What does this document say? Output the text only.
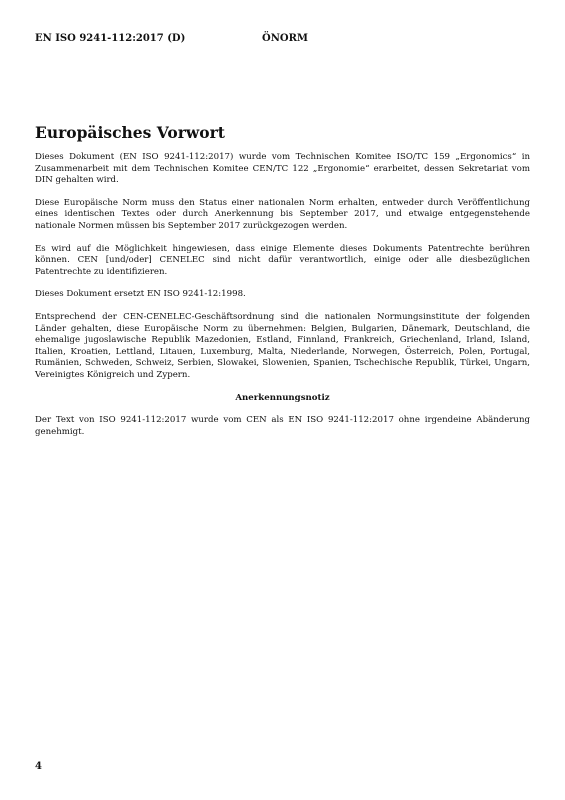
EN ISO 9241-112:2017 (D)	ÖNORM
Europäisches Vorwort

Dieses Dokument (EN ISO 9241-112:2017) wurde vom Technischen Komitee ISO/TC 159 „Ergonomics“ in Zusammenarbeit mit dem Technischen Komitee CEN/TC 122 „Ergonomie“ erarbeitet, dessen Sekretariat vom DIN gehalten wird.

Diese Europäische Norm muss den Status einer nationalen Norm erhalten, entweder durch Veröffentlichung eines identischen Textes oder durch Anerkennung bis September 2017, und etwaige entgegenstehende nationale Normen müssen bis September 2017 zurückgezogen werden.

Es wird auf die Möglichkeit hingewiesen, dass einige Elemente dieses Dokuments Patentrechte berühren können. CEN [und/oder] CENELEC sind nicht dafür verantwortlich, einige oder alle diesbezüglichen Patentrechte zu identifizieren.

Dieses Dokument ersetzt EN ISO 9241-12:1998.

Entsprechend der CEN-CENELEC-Geschäftsordnung sind die nationalen Normungsinstitute der folgenden Länder gehalten, diese Europäische Norm zu übernehmen: Belgien, Bulgarien, Dänemark, Deutschland, die ehemalige jugoslawische Republik Mazedonien, Estland, Finnland, Frankreich, Griechenland, Irland, Island, Italien, Kroatien, Lettland, Litauen, Luxemburg, Malta, Niederlande, Norwegen, Österreich, Polen, Portugal, Rumänien, Schweden, Schweiz, Serbien, Slowakei, Slowenien, Spanien, Tschechische Republik, Türkei, Ungarn, Vereinigtes Königreich und Zypern.

Anerkennungsnotiz

Der Text von ISO 9241-112:2017 wurde vom CEN als EN ISO 9241-112:2017 ohne irgendeine Abänderung genehmigt.

4
